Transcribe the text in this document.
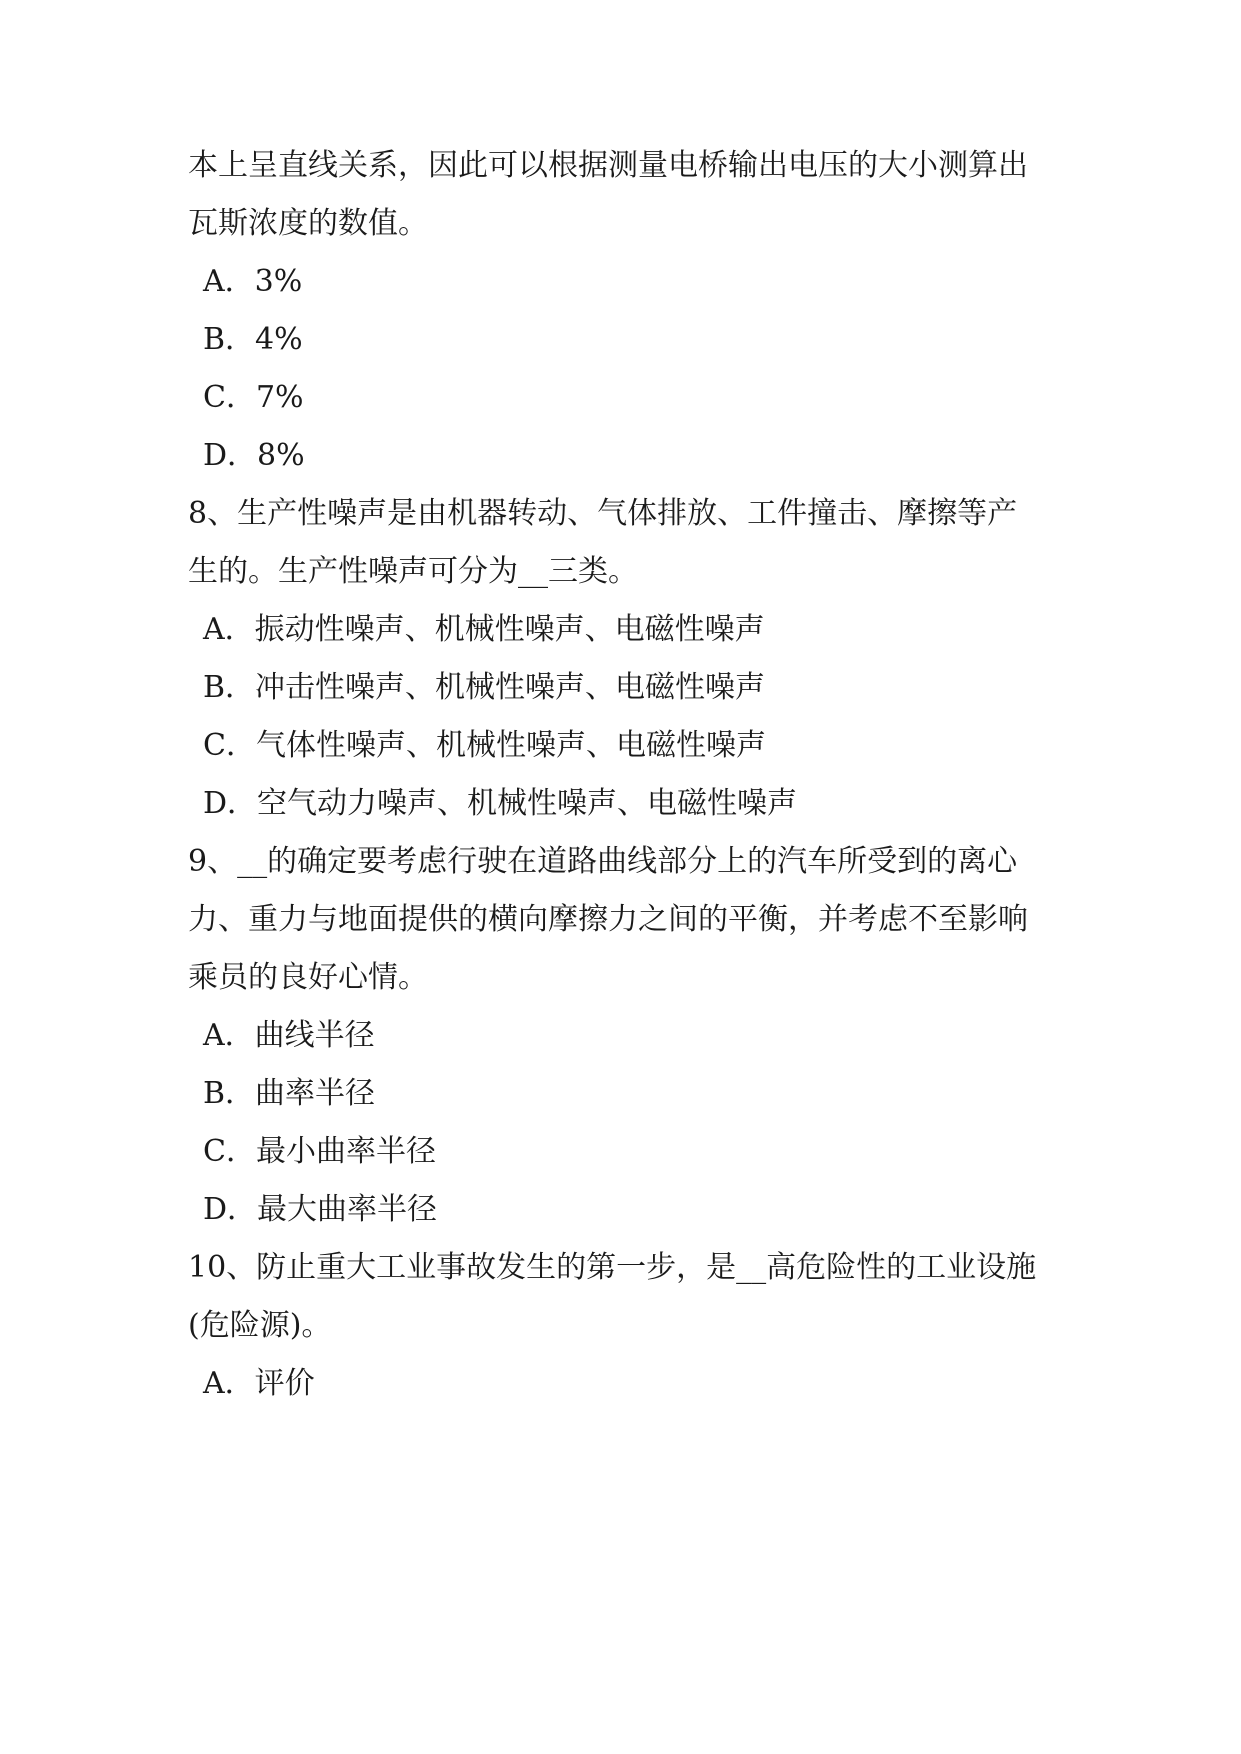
本上呈直线关系，因此可以根据测量电桥输出电压的大小测算出
瓦斯浓度的数值。
A．3%
B．4%
C．7%
D．8%
8、生产性噪声是由机器转动、气体排放、工件撞击、摩擦等产
生的。生产性噪声可分为__三类。
A．振动性噪声、机械性噪声、电磁性噪声
B．冲击性噪声、机械性噪声、电磁性噪声
C．气体性噪声、机械性噪声、电磁性噪声
D．空气动力噪声、机械性噪声、电磁性噪声
9、__的确定要考虑行驶在道路曲线部分上的汽车所受到的离心
力、重力与地面提供的横向摩擦力之间的平衡，并考虑不至影响
乘员的良好心情。
A．曲线半径
B．曲率半径
C．最小曲率半径
D．最大曲率半径
10、防止重大工业事故发生的第一步，是__高危险性的工业设施
(危险源)。
A．评价
